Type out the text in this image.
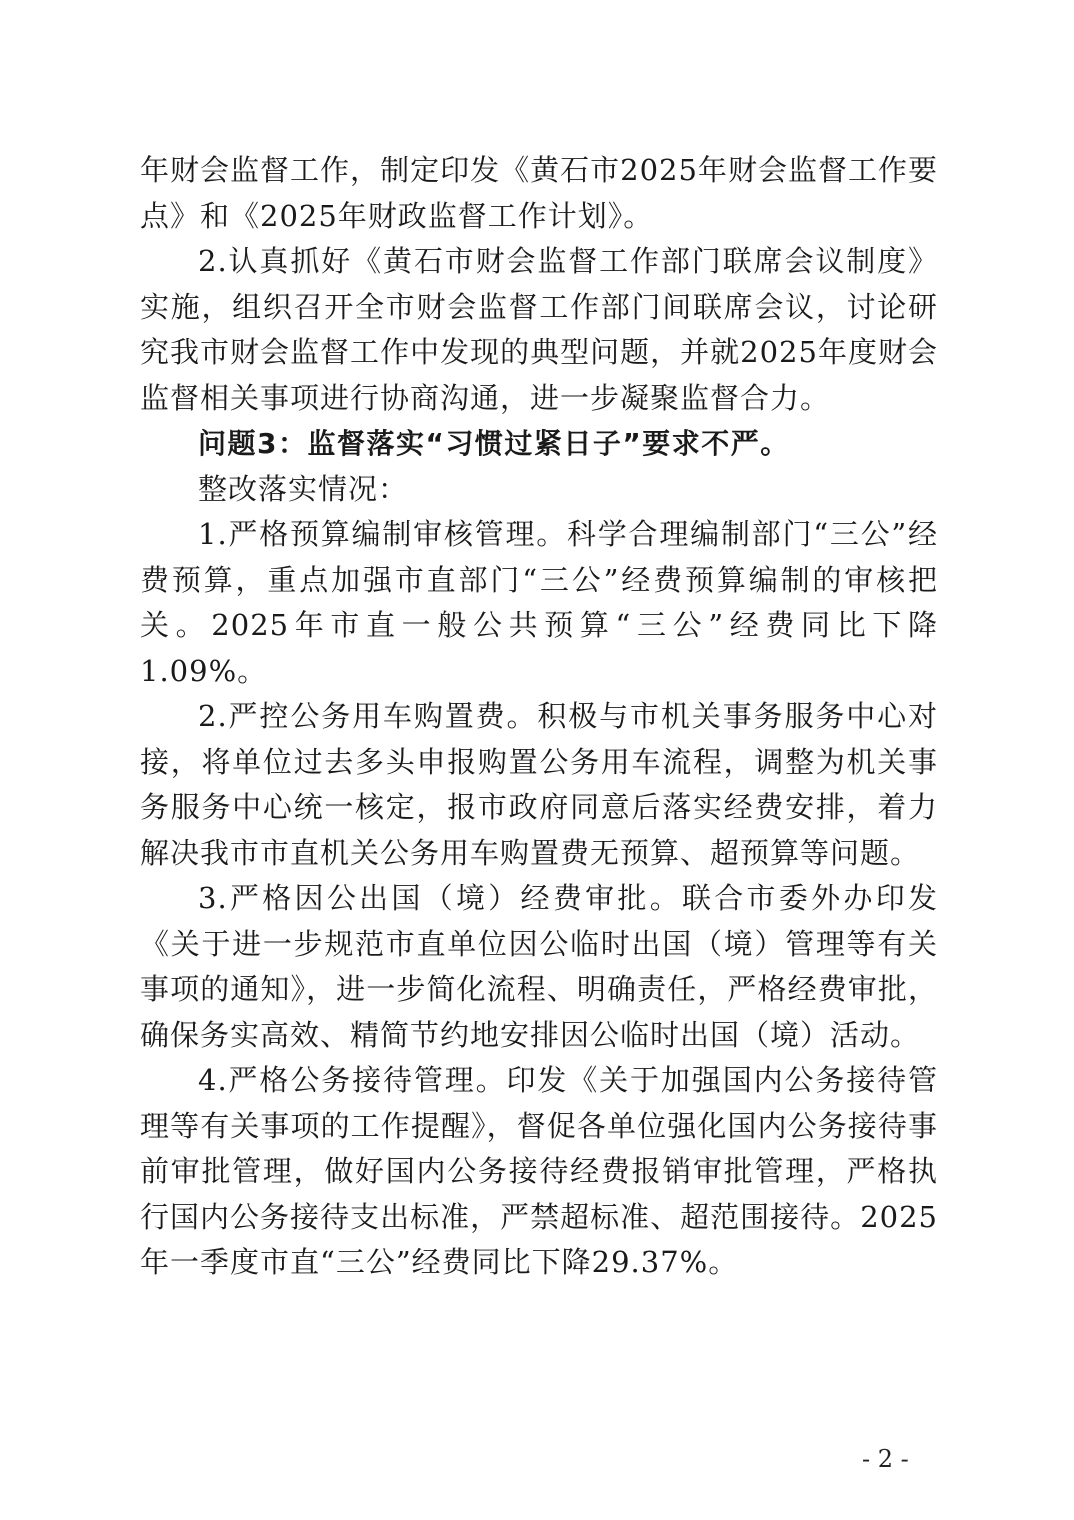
年财会监督工作，制定印发《黄石市2025年财会监督工作要点》和《2025年财政监督工作计划》。

2.认真抓好《黄石市财会监督工作部门联席会议制度》实施，组织召开全市财会监督工作部门间联席会议，讨论研究我市财会监督工作中发现的典型问题，并就2025年度财会监督相关事项进行协商沟通，进一步凝聚监督合力。

问题3：监督落实“习惯过紧日子”要求不严。

整改落实情况：

1.严格预算编制审核管理。科学合理编制部门“三公”经费预算，重点加强市直部门“三公”经费预算编制的审核把关。2025年市直一般公共预算“三公”经费同比下降1.09%。

2.严控公务用车购置费。积极与市机关事务服务中心对接，将单位过去多头申报购置公务用车流程，调整为机关事务服务中心统一核定，报市政府同意后落实经费安排，着力解决我市市直机关公务用车购置费无预算、超预算等问题。

3.严格因公出国（境）经费审批。联合市委外办印发《关于进一步规范市直单位因公临时出国（境）管理等有关事项的通知》，进一步简化流程、明确责任，严格经费审批，确保务实高效、精简节约地安排因公临时出国（境）活动。

4.严格公务接待管理。印发《关于加强国内公务接待管理等有关事项的工作提醒》，督促各单位强化国内公务接待事前审批管理，做好国内公务接待经费报销审批管理，严格执行国内公务接待支出标准，严禁超标准、超范围接待。2025年一季度市直“三公”经费同比下降29.37%。

- 2 -
